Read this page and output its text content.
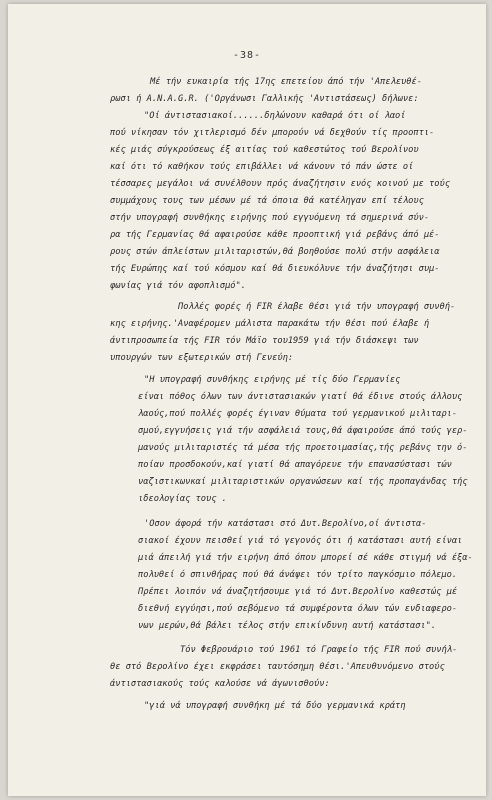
-38-
Μέ τήν ευκαιρία τής 17ης επετείου άπό τήν 'Απελευθέ-
ρωσι ή A.N.A.G.R. ('Οργάνωσι Γαλλικής 'Αντιστάσεως) δήλωνε:
"Οί άντιστασιακοί......δηλώνουν καθαρά ότι οί λαοί
πού νίκησαν τόν χιτλερισμό δέν μπορούν νά δεχθούν τίς προοπτι-
κές μιάς σύγκρούσεως έξ αιτίας τού καθεστώτος τού Βερολίνου
καί ότι τό καθήκον τούς επιβάλλει νά κάνουν τό πάν ώστε οί
τέσσαρες μεγάλοι νά συνέλθουν πρός άναζήτησιν ενός κοινού με τούς
συμμάχους τους των μέσων μέ τά όποια θά κατέληγαν επί τέλους
στήν υπογραφή συνθήκης ειρήνης πού εγγυόμενη τά σημερινά σύν-
ρα τής Γερμανίας θά αφαιρούσε κάθε προοπτική γιά ρεβάνς άπό μέ-
ρους στών άπλείστων μιλιταριστών,θά βοηθούσε πολύ στήν ασφάλεια
τής Ευρώπης καί τού κόσμου καί θά διευκόλυνε τήν άναζήτησι συμ-
φωνίας γιά τόν αφοπλισμό".
Πολλές φορές ή FIR έλαβε θέσι γιά τήν υπογραφή συνθή-
κης ειρήνης.'Αναφέρομεν μάλιστα παρακάτω τήν θέσι πού έλαβε ή
άντιπροσωπεία τής FIR τόν Μάϊο του1959 γιά τήν διάσκεψι των
υπουργών των εξωτερικών στή Γενεύη:
"Η υπογραφή συνθήκης ειρήνης μέ τίς δύο Γερμανίες
είναι πόθος όλων των άντιστασιακών γιατί θά έδινε στούς άλλους
λαούς,πού πολλές φορές έγιναν θύματα τού γερμανικού μιλιταρι-
σμού,εγγυήσεις γιά τήν ασφάλειά τους,θά άφαιρούσε άπό τούς γερ-
μανούς μιλιταριστές τά μέσα τής προετοιμασίας,τής ρεβάνς την ό-
ποίαν προσδοκούν,καί γιατί θά απαγόρευε τήν επανασύστασι τών
ναζιστικωνκαί μιλιταριστικών οργανώσεων καί τής προπαγάνδας τής
ιδεολογίας τους .
'Οσον άφορά τήν κατάστασι στό Δυτ.Βερολίνο,οί άντιστα-
σιακοί έχουν πεισθεί γιά τό γεγονός ότι ή κατάστασι αυτή είναι
μιά άπειλή γιά τήν ειρήνη άπό όπου μπορεί σέ κάθε στιγμή νά έξα-
πολυθεί ό σπινθήρας πού θά άνάψει τόν τρίτο παγκόσμιο πόλεμο.
Πρέπει λοιπόν νά άναζητήσουμε γιά τό Δυτ.Βερολίνο καθεστώς μέ
διεθνή εγγύησι,πού σεβόμενο τά συμφέροντα όλων τών ενδιαφερο-
νων μερών,θά βάλει τέλος στήν επικίνδυνη αυτή κατάστασι".
Τόν Φεβρουάριο τού 1961 τό Γραφείο τής FIR πού συνήλ-
θε στό Βερολίνο έχει εκφράσει ταυτόσημη θέσι.'Απευθυνόμενο στούς
άντιστασιακούς τούς καλούσε νά άγωνισθούν:
"γιά νά υπογραφή συνθήκη μέ τά δύο γερμανικά κράτη
